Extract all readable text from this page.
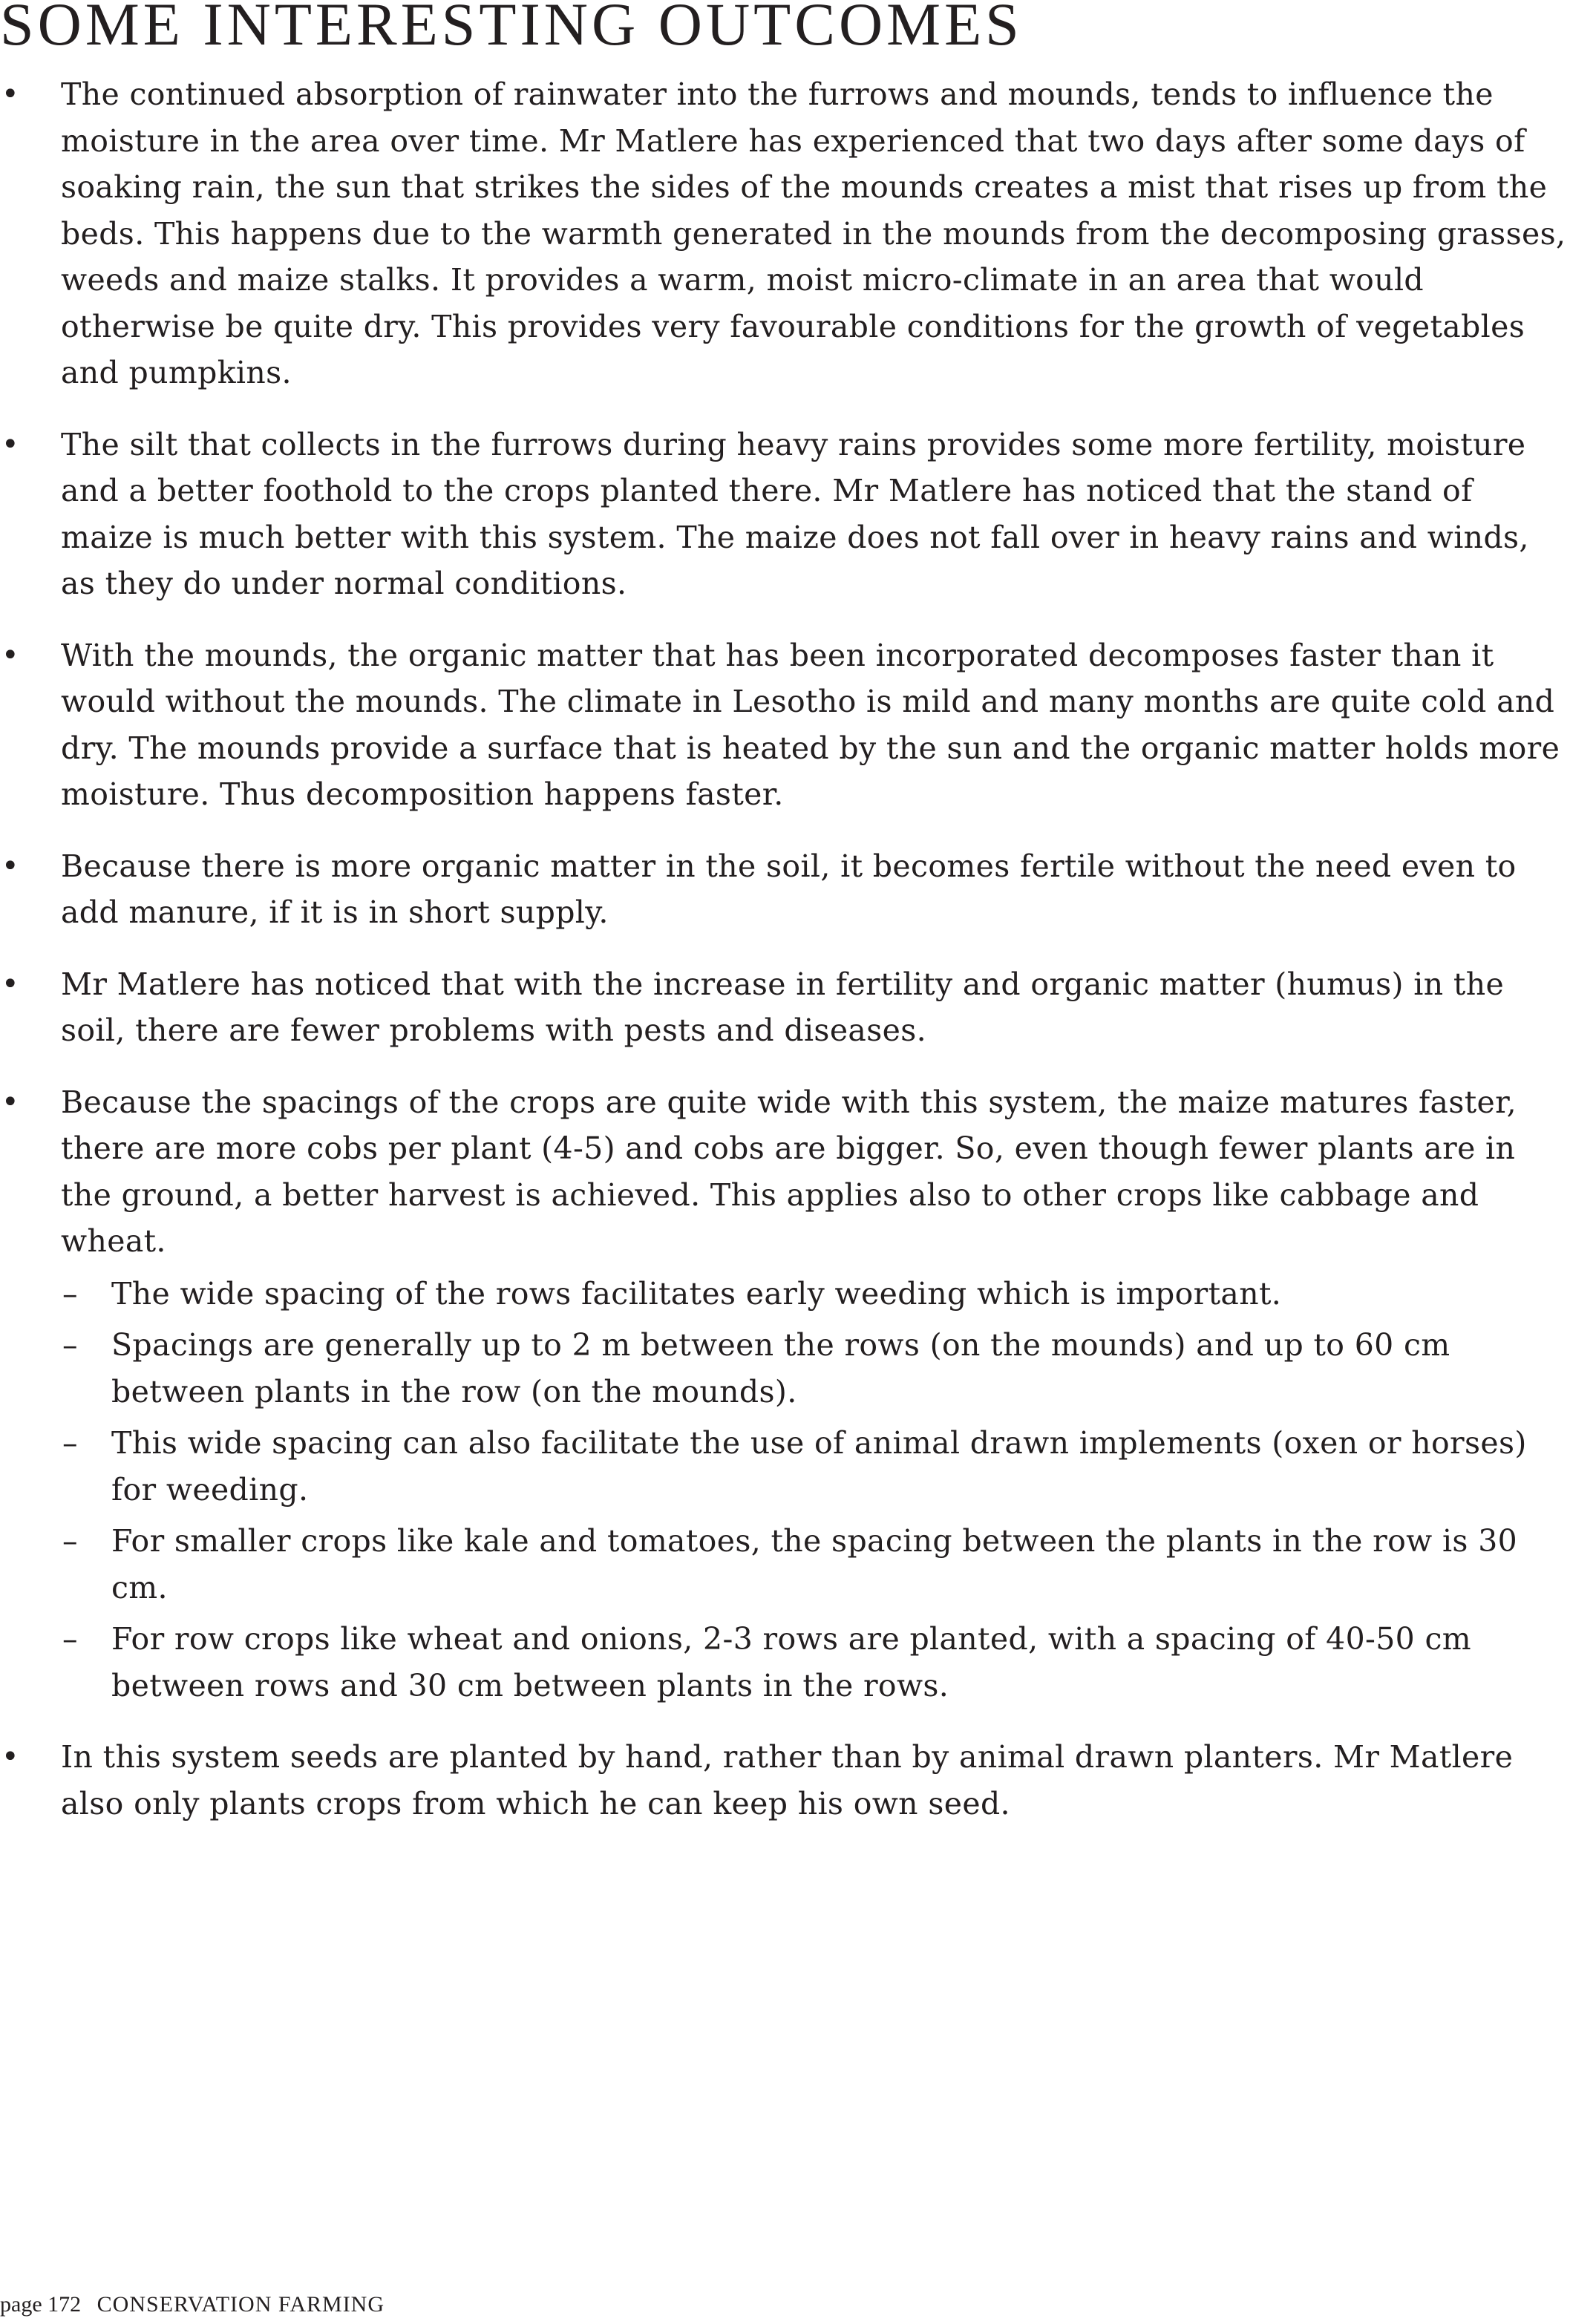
SOME INTERESTING OUTCOMES
• The continued absorption of rainwater into the furrows and mounds, tends to influence the moisture in the area over time. Mr Matlere has experienced that two days after some days of soaking rain, the sun that strikes the sides of the mounds creates a mist that rises up from the beds. This happens due to the warmth generated in the mounds from the decomposing grasses, weeds and maize stalks. It provides a warm, moist micro-climate in an area that would otherwise be quite dry. This provides very favourable conditions for the growth of vegetables and pumpkins.
• The silt that collects in the furrows during heavy rains provides some more fertility, moisture and a better foothold to the crops planted there. Mr Matlere has noticed that the stand of maize is much better with this system. The maize does not fall over in heavy rains and winds, as they do under normal conditions.
• With the mounds, the organic matter that has been incorporated decomposes faster than it would without the mounds. The climate in Lesotho is mild and many months are quite cold and dry. The mounds provide a surface that is heated by the sun and the organic matter holds more moisture. Thus decomposition happens faster.
• Because there is more organic matter in the soil, it becomes fertile without the need even to add manure, if it is in short supply.
• Mr Matlere has noticed that with the increase in fertility and organic matter (humus) in the soil, there are fewer problems with pests and diseases.
• Because the spacings of the crops are quite wide with this system, the maize matures faster, there are more cobs per plant (4-5) and cobs are bigger. So, even though fewer plants are in the ground, a better harvest is achieved. This applies also to other crops like cabbage and wheat.
– The wide spacing of the rows facilitates early weeding which is important.
– Spacings are generally up to 2 m between the rows (on the mounds) and up to 60 cm between plants in the row (on the mounds).
– This wide spacing can also facilitate the use of animal drawn implements (oxen or horses) for weeding.
– For smaller crops like kale and tomatoes, the spacing between the plants in the row is 30 cm.
– For row crops like wheat and onions, 2-3 rows are planted, with a spacing of 40-50 cm between rows and 30 cm between plants in the rows.
• In this system seeds are planted by hand, rather than by animal drawn planters. Mr Matlere also only plants crops from which he can keep his own seed.
page 172 CONSERVATION FARMING
